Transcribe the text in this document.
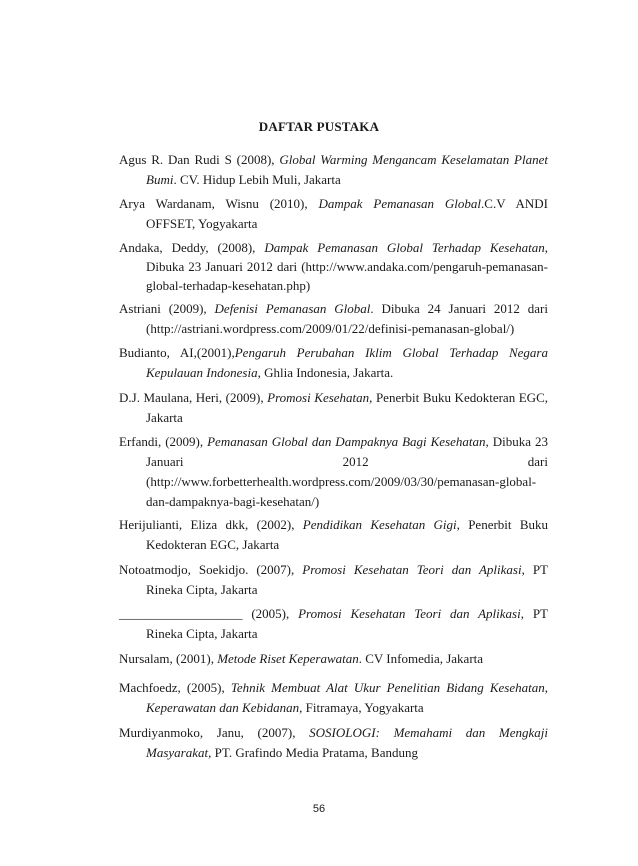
DAFTAR PUSTAKA
Agus R. Dan Rudi S (2008), Global Warming Mengancam Keselamatan Planet
Bumi. CV. Hidup Lebih Muli, Jakarta
Arya Wardanam, Wisnu (2010), Dampak Pemanasan Global.C.V ANDI
OFFSET, Yogyakarta
Andaka, Deddy, (2008), Dampak Pemanasan Global Terhadap Kesehatan,
Dibuka 23 Januari 2012 dari (http://www.andaka.com/pengaruh-pemanasan-
global-terhadap-kesehatan.php)
Astriani (2009), Defenisi Pemanasan Global. Dibuka 24 Januari 2012 dari
(http://astriani.wordpress.com/2009/01/22/definisi-pemanasan-global/)
Budianto, AI,(2001),Pengaruh Perubahan Iklim Global Terhadap Negara
Kepulauan Indonesia, Ghlia Indonesia, Jakarta.
D.J. Maulana, Heri, (2009), Promosi Kesehatan, Penerbit Buku Kedokteran EGC,
Jakarta
Erfandi, (2009), Pemanasan Global dan Dampaknya Bagi Kesehatan, Dibuka 23
Januari	2012	dari
(http://www.forbetterhealth.wordpress.com/2009/03/30/pemanasan-global-
dan-dampaknya-bagi-kesehatan/)
Herijulianti, Eliza dkk, (2002), Pendidikan Kesehatan Gigi, Penerbit Buku
Kedokteran EGC, Jakarta
Notoatmodjo, Soekidjo. (2007), Promosi Kesehatan Teori dan Aplikasi, PT
Rineka Cipta, Jakarta
___________________ (2005), Promosi Kesehatan Teori dan Aplikasi, PT
Rineka Cipta, Jakarta
Nursalam, (2001), Metode Riset Keperawatan. CV Infomedia, Jakarta
Machfoedz, (2005), Tehnik Membuat Alat Ukur Penelitian Bidang Kesehatan,
Keperawatan dan Kebidanan, Fitramaya, Yogyakarta
Murdiyanmoko, Janu, (2007), SOSIOLOGI: Memahami dan Mengkaji
Masyarakat, PT. Grafindo Media Pratama, Bandung
56
